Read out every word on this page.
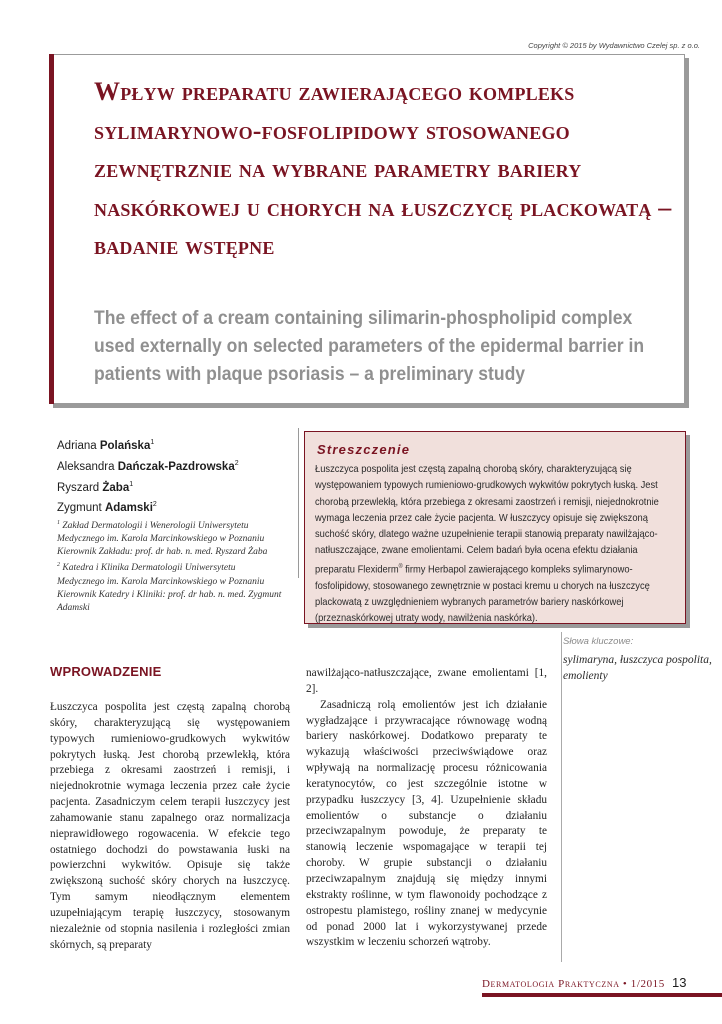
Copyright © 2015 by Wydawnictwo Czelej sp. z o.o.
Wpływ preparatu zawierającego kompleks sylimarynowo-fosfolipidowy stosowanego zewnętrznie na wybrane parametry bariery naskórkowej u chorych na łuszczycę plackowatą – badanie wstępne
The effect of a cream containing silimarin-phospholipid complex used externally on selected parameters of the epidermal barrier in patients with plaque psoriasis – a preliminary study
Adriana Polańska$^1$
Aleksandra Dańczak-Pazdrowska$^2$
Ryszard Żaba$^1$
Zygmunt Adamski$^2$
$^1$ Zakład Dermatologii i Wenerologii Uniwersytetu Medycznego im. Karola Marcinkowskiego w Poznaniu Kierownik Zakładu: prof. dr hab. n. med. Ryszard Żaba
$^2$ Katedra i Klinika Dermatologii Uniwersytetu Medycznego im. Karola Marcinkowskiego w Poznaniu Kierownik Katedry i Kliniki: prof. dr hab. n. med. Zygmunt Adamski
Streszczenie

Łuszczyca pospolita jest częstą zapalną chorobą skóry, charakteryzującą się występowaniem typowych rumieniowo-grudkowych wykwitów pokrytych łuską. Jest chorobą przewlekłą, która przebiega z okresami zaostrzeń i remisji, niejednokrotnie wymaga leczenia przez całe życie pacjenta. W łuszczycy opisuje się zwiększoną suchość skóry, dlatego ważne uzupełnienie terapii stanowią preparaty nawilżająco-natłuszczające, zwane emolientami. Celem badań była ocena efektu działania preparatu Flexiderm® firmy Herbapol zawierającego kompleks sylimarynowo-fosfolipidowy, stosowanego zewnętrznie w postaci kremu u chorych na łuszczycę plackowatą z uwzględnieniem wybranych parametrów bariery naskórkowej (przeznaskórkowej utraty wody, nawilżenia naskórka).

Słowa kluczowe:
sylimaryna, łuszczyca pospolita, emolienty
WPROWADZENIE

Łuszczyca pospolita jest częstą zapalną chorobą skóry, charakteryzującą się występowaniem typowych rumieniowo-grudkowych wykwitów pokrytych łuską. Jest chorobą przewlekłą, która przebiega z okresami zaostrzeń i remisji, i niejednokrotnie wymaga leczenia przez całe życie pacjenta. Zasadniczym celem terapii łuszczycy jest zahamowanie stanu zapalnego oraz normalizacja nieprawidłowego rogowacenia. W efekcie tego ostatniego dochodzi do powstawania łuski na powierzchni wykwitów. Opisuje się także zwiększoną suchość skóry chorych na łuszczycę. Tym samym nieodłącznym elementem uzupełniającym terapię łuszczycy, stosowanym niezależnie od stopnia nasilenia i rozległości zmian skórnych, są preparaty

nawilżająco-natłuszczające, zwane emolientami [1, 2].
Zasadniczą rolą emolientów jest ich działanie wygładzające i przywracające równowagę wodną bariery naskórkowej. Dodatkowo preparaty te wykazują właściwości przeciwświądowe oraz wpływają na normalizację procesu różnicowania keratynocytów, co jest szczególnie istotne w przypadku łuszczycy [3, 4]. Uzupełnienie składu emolientów o substancje o działaniu przeciwzapalnym powoduje, że preparaty te stanowią leczenie wspomagające w terapii tej choroby. W grupie substancji o działaniu przeciwzapalnym znajdują się między innymi ekstrakty roślinne, w tym flawonoidy pochodzące z ostropestu plamistego, rośliny znanej w medycynie od ponad 2000 lat i wykorzystywanej przede wszystkim w leczeniu schorzeń wątroby.
Dermatologia Praktyczna • 1/2015 13
